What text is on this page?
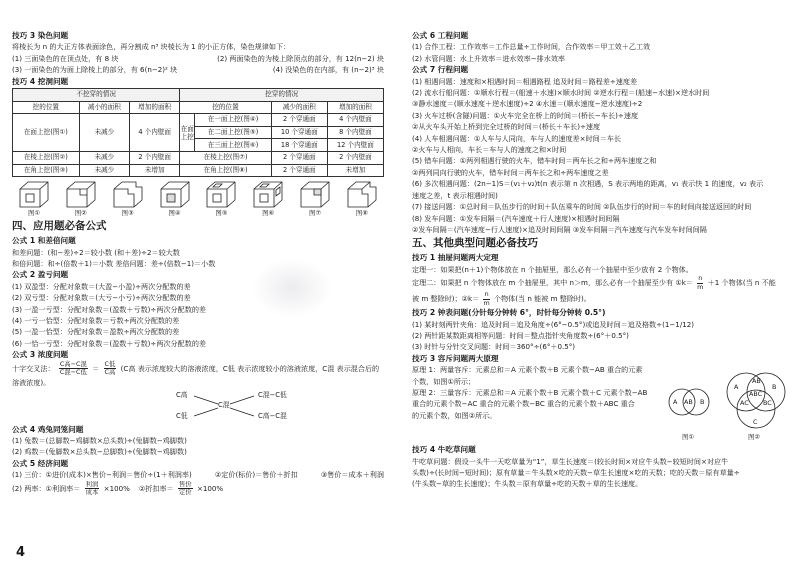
技巧 3 染色问题
将棱长为 n 的大正方体表面涂色，再分割成 n³ 块棱长为 1 的小正方体，染色规律如下：
(1) 三面染色的在顶点处，有 8 块	(2) 两面染色的为棱上除顶点的部分，有 12(n−2) 块
(3) 一面染色的为面上除棱上的部分，有 6(n−2)² 块	(4) 没染色的在内部，有 (n−2)³ 块
技巧 4 挖洞问题
不挖穿的情况			挖穿的情况			
挖的位置	减小的面积	增加的面积	挖的位置		减少的面积	增加的面积
在面上挖(图①)	未减少	4 个内壁面	在面上挖	在一面上挖(图④)	2 个穿通面	4 个内壁面
				在二面上挖(图⑤)	10 个穿通面	8 个内壁面
				在三面上挖(图⑥)	18 个穿通面	12 个内壁面
在棱上挖(图②)	未减少	2 个内壁面	在棱上挖(图⑦)		2 个穿通面	2 个内壁面
在角上挖(图③)	未减少	未增加	在角上挖(图⑧)		2 个穿通面	未增加
图①	图②	图③	图④	图⑤	图⑥	图⑦	图⑧
四、应用题必备公式
公式 1 和差倍问题
和差问题：(和−差)÷2＝较小数 (和＋差)÷2＝较大数
和倍问题：和÷(倍数＋1)＝小数 差倍问题：差÷(倍数−1)＝小数
公式 2 盈亏问题
(1) 双盈型：分配对象数＝(大盈−小盈)÷两次分配数的差
(2) 双亏型：分配对象数＝(大亏−小亏)÷两次分配数的差
(3) 一盈一亏型：分配对象数＝(盈数＋亏数)÷两次分配数的差
(4) 一亏一恰型：分配对象数＝亏数÷两次分配数的差
(5) 一盈一恰型：分配对象数＝盈数÷两次分配数的差
(6) 一恰一亏型：分配对象数＝(盈数＋亏数)÷两次分配数的差
公式 3 浓度问题
十字交叉法： $\frac{\text{C高−C混}}{\text{C混−C低}} = \frac{\text{C低}}{\text{C高}} (C$高 表示浓度较大的溶液浓度，C低 表示浓度较小的溶液浓度，C混 表示混合后的溶液浓度)。
C高	C混−C低
C混
C低	C高−C混
公式 4 鸡兔同笼问题
(1) 兔数＝(总脚数−鸡脚数×总头数)÷(兔脚数−鸡脚数)
(2) 鸡数＝(兔脚数×总头数−总脚数)÷(兔脚数−鸡脚数)
公式 5 经济问题
(1) 三价：①进价(成本)×售价−利润＝售价÷(1＋利润率)	②定价(标价)＝售价＋折扣	③售价＝成本＋利润
(2) 两率：①利润率＝ $\frac{\text{利润}}{\text{成本}} \times 100\%$ ②折扣率＝ $\frac{\text{售价}}{\text{定价}} \times 100\%$
公式 6 工程问题
(1) 合作工程：工作效率＝工作总量÷工作时间，合作效率＝甲工效＋乙工效
(2) 水管问题：水上升效率＝进水效率−排水效率
公式 7 行程问题
(1) 相遇问题：速度和×相遇时间＝相遇路程 追及时间＝路程差÷速度差
(2) 流水行船问题：①顺水行程＝(船速＋水速)×顺水时间 ②逆水行程＝(船速−水速)×逆水时间
③静水速度＝(顺水速度＋逆水速度)÷2 ④水速＝(顺水速度−逆水速度)÷2
(3) 火车过桥(含隧)问题：①火车完全在桥上的时间＝(桥长−车长)÷速度
②从火车头开始上桥到完全过桥的时间＝(桥长＋车长)÷速度
(4) 人车相遇问题：①人车与人同向，车与人的速度差×时间＝车长
②火车与人相向，车长＝车与人的速度之和×时间
(5) 错车问题：①两列相遇行驶的火车，错车时间＝两车长之和÷两车速度之和
②两列同向行驶的火车，错车时间＝两车长之和÷两车速度之差
(6) 多次相遇问题：(2n−1)S＝(v₁＋v₂)t(n 表示第 n 次相遇，S 表示两地的距离，v₁ 表示快 1 的速度，v₂ 表示
速度之差，t 表示相遇时间)
(7) 接送问题：①总时间＝队伍步行的时间＋队伍乘车的时间 ②队伍步行的时间＝车的时间向接送返回的时间
(8) 发车问题：①发车间隔＝(汽车速度＋行人速度)×相遇时间间隔
②发车间隔＝(汽车速度−行人速度)×追及时间间隔 ③发车间隔＝汽车速度与汽车发车时间间隔
五、其他典型问题必备技巧
技巧 1 抽屉问题两大定理
定理一：如果把(n＋1)个物体放在 n 个抽屉里，那么必有一个抽屉中至少放有 2 个物体。
定理二：如果把 n 个物体放在 m 个抽屉里，其中 n＞m，那么必有一个抽屉至少有 ①k＝ $\frac{n}{m} +1$ 个物体(当 n 不能
被 m 整除时)；②k＝ $\frac{n}{m}$ 个物体(当 n 能被 m 整除时)。
技巧 2 钟表问题(分针每分钟转 6°，时针每分钟转 0.5°)
(1) 某时刻两针夹角：追及时间＝追及角度÷(6°−0.5°)或追及时间＝追及格数÷(1−1/12)
(2) 两针距某数距离相等问题：时间＝整点指针夹角度数÷(6°＋0.5°)
(3) 时针与分针交叉问题：时间＝360°÷(6°＋0.5°)
技巧 3 容斥问题两大原理
原理 1：两量容斥：元素总和＝A 元素个数＋B 元素个数−AB 重合的元素
个数，如图①所示；
原理 2：三量容斥：元素总和＝A 元素个数＋B 元素个数＋C 元素个数−AB
重合的元素个数−AC 重合的元素个数−BC 重合的元素个数＋ABC 重合
的元素个数，如图②所示。
A AB B
A	B
AB
AC BC
ABC
C
图①	图②
技巧 4 牛吃草问题
牛吃草问题：假设一头牛一天吃草量为“1”，草生长速度＝(较长时间×对应牛头数−较短时间×对应牛
头数)÷(长时间−短时间)；原有草量＝牛头数×吃的天数−草生长速度×吃的天数；吃的天数＝原有草量÷
(牛头数−草的生长速度)；牛头数＝原有草量÷吃的天数＋草的生长速度。
4
